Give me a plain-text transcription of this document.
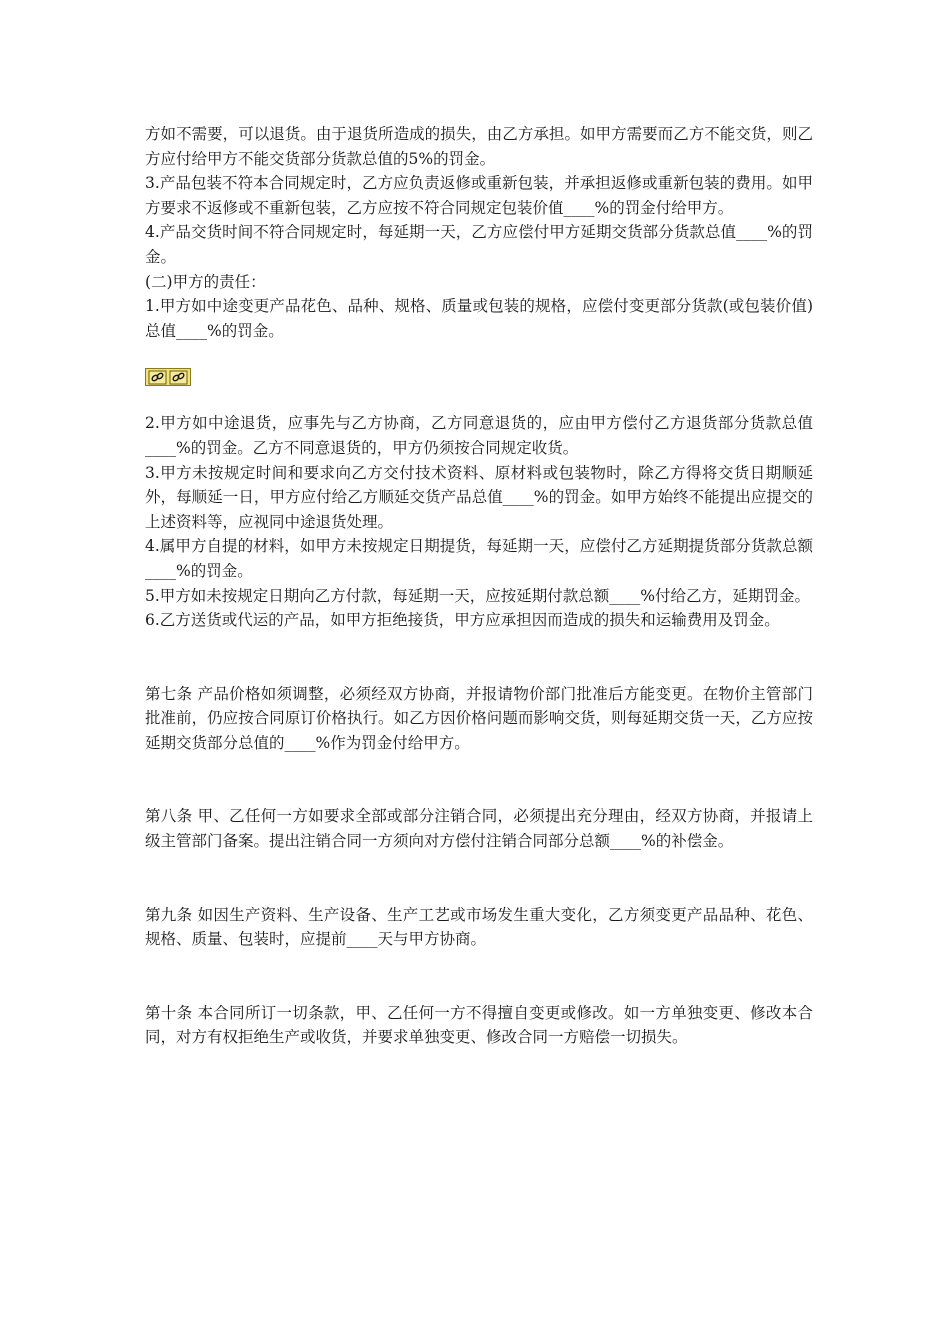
方如不需要，可以退货。由于退货所造成的损失，由乙方承担。如甲方需要而乙方不能交货，则乙方应付给甲方不能交货部分货款总值的5%的罚金。

3.产品包装不符本合同规定时，乙方应负责返修或重新包装，并承担返修或重新包装的费用。如甲方要求不返修或不重新包装，乙方应按不符合同规定包装价值____%的罚金付给甲方。

4.产品交货时间不符合同规定时，每延期一天，乙方应偿付甲方延期交货部分货款总值____%的罚金。

(二)甲方的责任：

1.甲方如中途变更产品花色、品种、规格、质量或包装的规格，应偿付变更部分货款(或包装价值)总值____%的罚金。

2.甲方如中途退货，应事先与乙方协商，乙方同意退货的，应由甲方偿付乙方退货部分货款总值____%的罚金。乙方不同意退货的，甲方仍须按合同规定收货。

3.甲方未按规定时间和要求向乙方交付技术资料、原材料或包装物时，除乙方得将交货日期顺延外，每顺延一日，甲方应付给乙方顺延交货产品总值____%的罚金。如甲方始终不能提出应提交的上述资料等，应视同中途退货处理。

4.属甲方自提的材料，如甲方未按规定日期提货，每延期一天，应偿付乙方延期提货部分货款总额____%的罚金。

5.甲方如未按规定日期向乙方付款，每延期一天，应按延期付款总额____%付给乙方，延期罚金。

6.乙方送货或代运的产品，如甲方拒绝接货，甲方应承担因而造成的损失和运输费用及罚金。

第七条 产品价格如须调整，必须经双方协商，并报请物价部门批准后方能变更。在物价主管部门批准前，仍应按合同原订价格执行。如乙方因价格问题而影响交货，则每延期交货一天，乙方应按延期交货部分总值的____%作为罚金付给甲方。

第八条 甲、乙任何一方如要求全部或部分注销合同，必须提出充分理由，经双方协商，并报请上级主管部门备案。提出注销合同一方须向对方偿付注销合同部分总额____%的补偿金。

第九条 如因生产资料、生产设备、生产工艺或市场发生重大变化，乙方须变更产品品种、花色、规格、质量、包装时，应提前____天与甲方协商。

第十条 本合同所订一切条款，甲、乙任何一方不得擅自变更或修改。如一方单独变更、修改本合同，对方有权拒绝生产或收货，并要求单独变更、修改合同一方赔偿一切损失。
